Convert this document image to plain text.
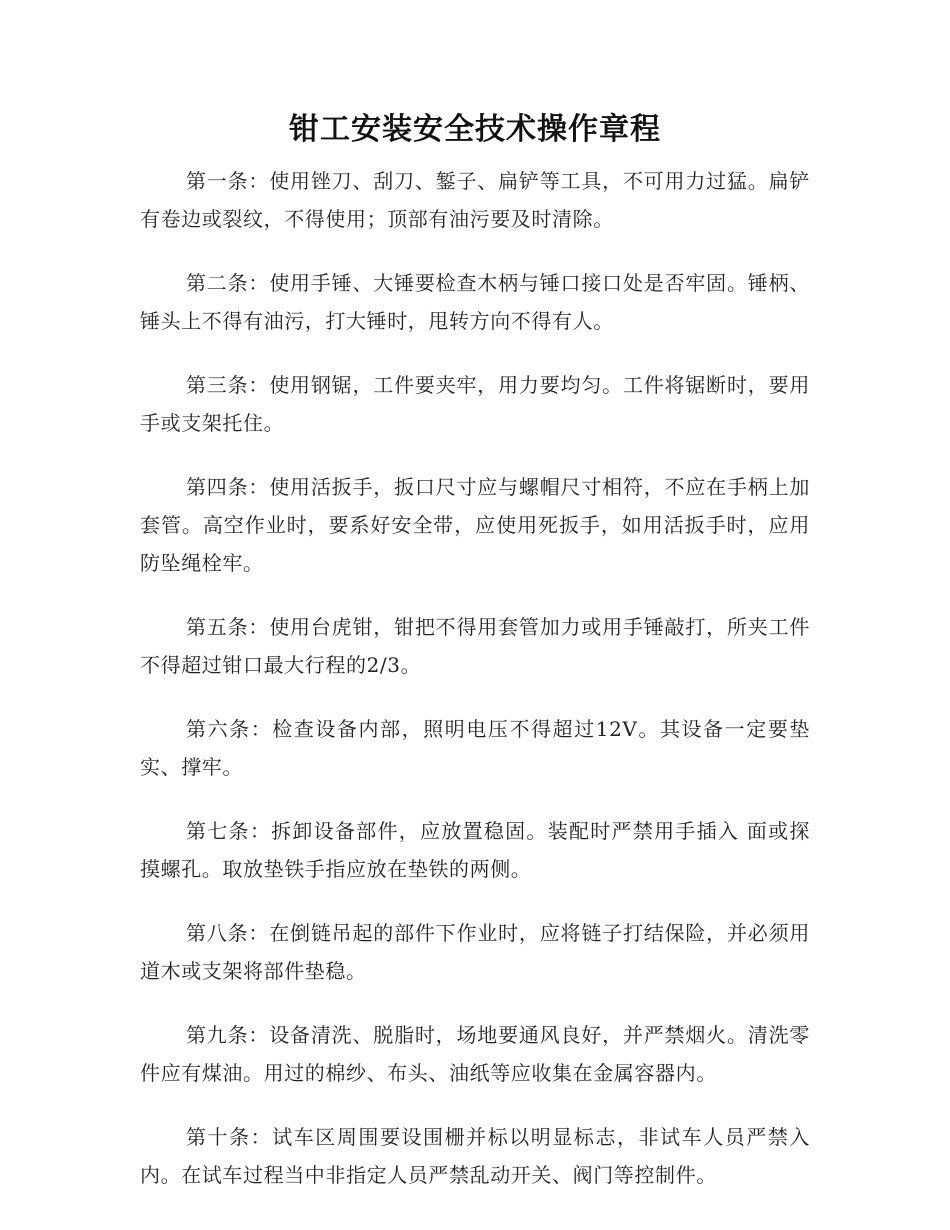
钳工安装安全技术操作章程

第一条：使用锉刀、刮刀、錾子、扁铲等工具，不可用力过猛。扁铲有卷边或裂纹，不得使用；顶部有油污要及时清除。

第二条：使用手锤、大锤要检查木柄与锤口接口处是否牢固。锤柄、锤头上不得有油污，打大锤时，甩转方向不得有人。

第三条：使用钢锯，工件要夹牢，用力要均匀。工件将锯断时，要用手或支架托住。

第四条：使用活扳手，扳口尺寸应与螺帽尺寸相符，不应在手柄上加套管。高空作业时，要系好安全带，应使用死扳手，如用活扳手时，应用防坠绳栓牢。

第五条：使用台虎钳，钳把不得用套管加力或用手锤敲打，所夹工件不得超过钳口最大行程的2/3。

第六条：检查设备内部，照明电压不得超过12V。其设备一定要垫实、撑牢。

第七条：拆卸设备部件，应放置稳固。装配时严禁用手插入 面或探摸螺孔。取放垫铁手指应放在垫铁的两侧。

第八条：在倒链吊起的部件下作业时，应将链子打结保险，并必须用道木或支架将部件垫稳。

第九条：设备清洗、脱脂时，场地要通风良好，并严禁烟火。清洗零件应有煤油。用过的棉纱、布头、油纸等应收集在金属容器内。

第十条：试车区周围要设围栅并标以明显标志，非试车人员严禁入内。在试车过程当中非指定人员严禁乱动开关、阀门等控制件。
